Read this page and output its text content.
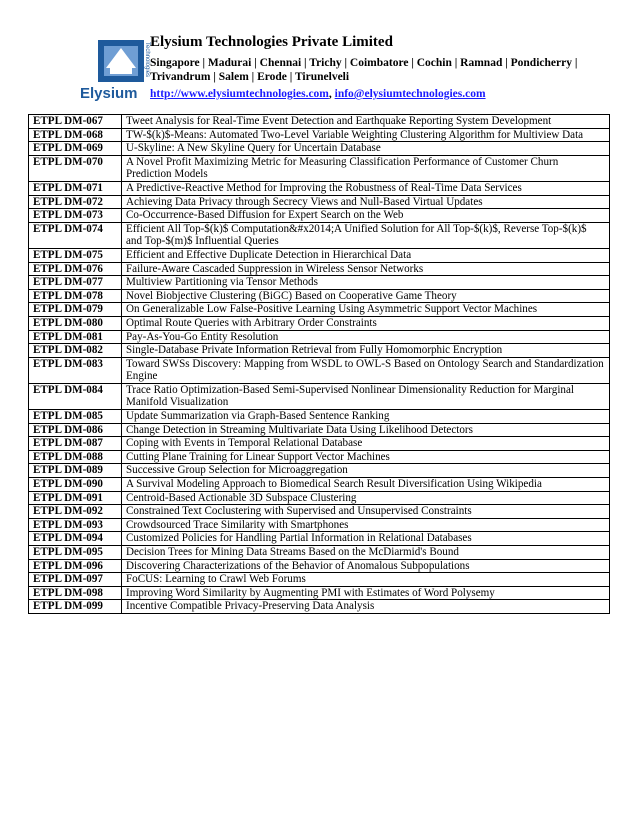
Technologies
Elysium
Elysium Technologies Private Limited
Singapore | Madurai | Chennai | Trichy | Coimbatore | Cochin | Ramnad | Pondicherry | Trivandrum | Salem | Erode | Tirunelveli
http://www.elysiumtechnologies.com, info@elysiumtechnologies.com
ETPL DM-067	Tweet Analysis for Real-Time Event Detection and Earthquake Reporting System Development
ETPL DM-068	TW-$(k)$-Means: Automated Two-Level Variable Weighting Clustering Algorithm for Multiview Data
ETPL DM-069	U-Skyline: A New Skyline Query for Uncertain Database
ETPL DM-070	A Novel Profit Maximizing Metric for Measuring Classification Performance of Customer Churn Prediction Models
ETPL DM-071	A Predictive-Reactive Method for Improving the Robustness of Real-Time Data Services
ETPL DM-072	Achieving Data Privacy through Secrecy Views and Null-Based Virtual Updates
ETPL DM-073	Co-Occurrence-Based Diffusion for Expert Search on the Web
ETPL DM-074	Efficient All Top-$(k)$ Computation&#x2014;A Unified Solution for All Top-$(k)$, Reverse Top-$(k)$ and Top-$(m)$ Influential Queries
ETPL DM-075	Efficient and Effective Duplicate Detection in Hierarchical Data
ETPL DM-076	Failure-Aware Cascaded Suppression in Wireless Sensor Networks
ETPL DM-077	Multiview Partitioning via Tensor Methods
ETPL DM-078	Novel Biobjective Clustering (BiGC) Based on Cooperative Game Theory
ETPL DM-079	On Generalizable Low False-Positive Learning Using Asymmetric Support Vector Machines
ETPL DM-080	Optimal Route Queries with Arbitrary Order Constraints
ETPL DM-081	Pay-As-You-Go Entity Resolution
ETPL DM-082	Single-Database Private Information Retrieval from Fully Homomorphic Encryption
ETPL DM-083	Toward SWSs Discovery: Mapping from WSDL to OWL-S Based on Ontology Search and Standardization Engine
ETPL DM-084	Trace Ratio Optimization-Based Semi-Supervised Nonlinear Dimensionality Reduction for Marginal Manifold Visualization
ETPL DM-085	Update Summarization via Graph-Based Sentence Ranking
ETPL DM-086	Change Detection in Streaming Multivariate Data Using Likelihood Detectors
ETPL DM-087	Coping with Events in Temporal Relational Database
ETPL DM-088	Cutting Plane Training for Linear Support Vector Machines
ETPL DM-089	Successive Group Selection for Microaggregation
ETPL DM-090	A Survival Modeling Approach to Biomedical Search Result Diversification Using Wikipedia
ETPL DM-091	Centroid-Based Actionable 3D Subspace Clustering
ETPL DM-092	Constrained Text Coclustering with Supervised and Unsupervised Constraints
ETPL DM-093	Crowdsourced Trace Similarity with Smartphones
ETPL DM-094	Customized Policies for Handling Partial Information in Relational Databases
ETPL DM-095	Decision Trees for Mining Data Streams Based on the McDiarmid's Bound
ETPL DM-096	Discovering Characterizations of the Behavior of Anomalous Subpopulations
ETPL DM-097	FoCUS: Learning to Crawl Web Forums
ETPL DM-098	Improving Word Similarity by Augmenting PMI with Estimates of Word Polysemy
ETPL DM-099	Incentive Compatible Privacy-Preserving Data Analysis
